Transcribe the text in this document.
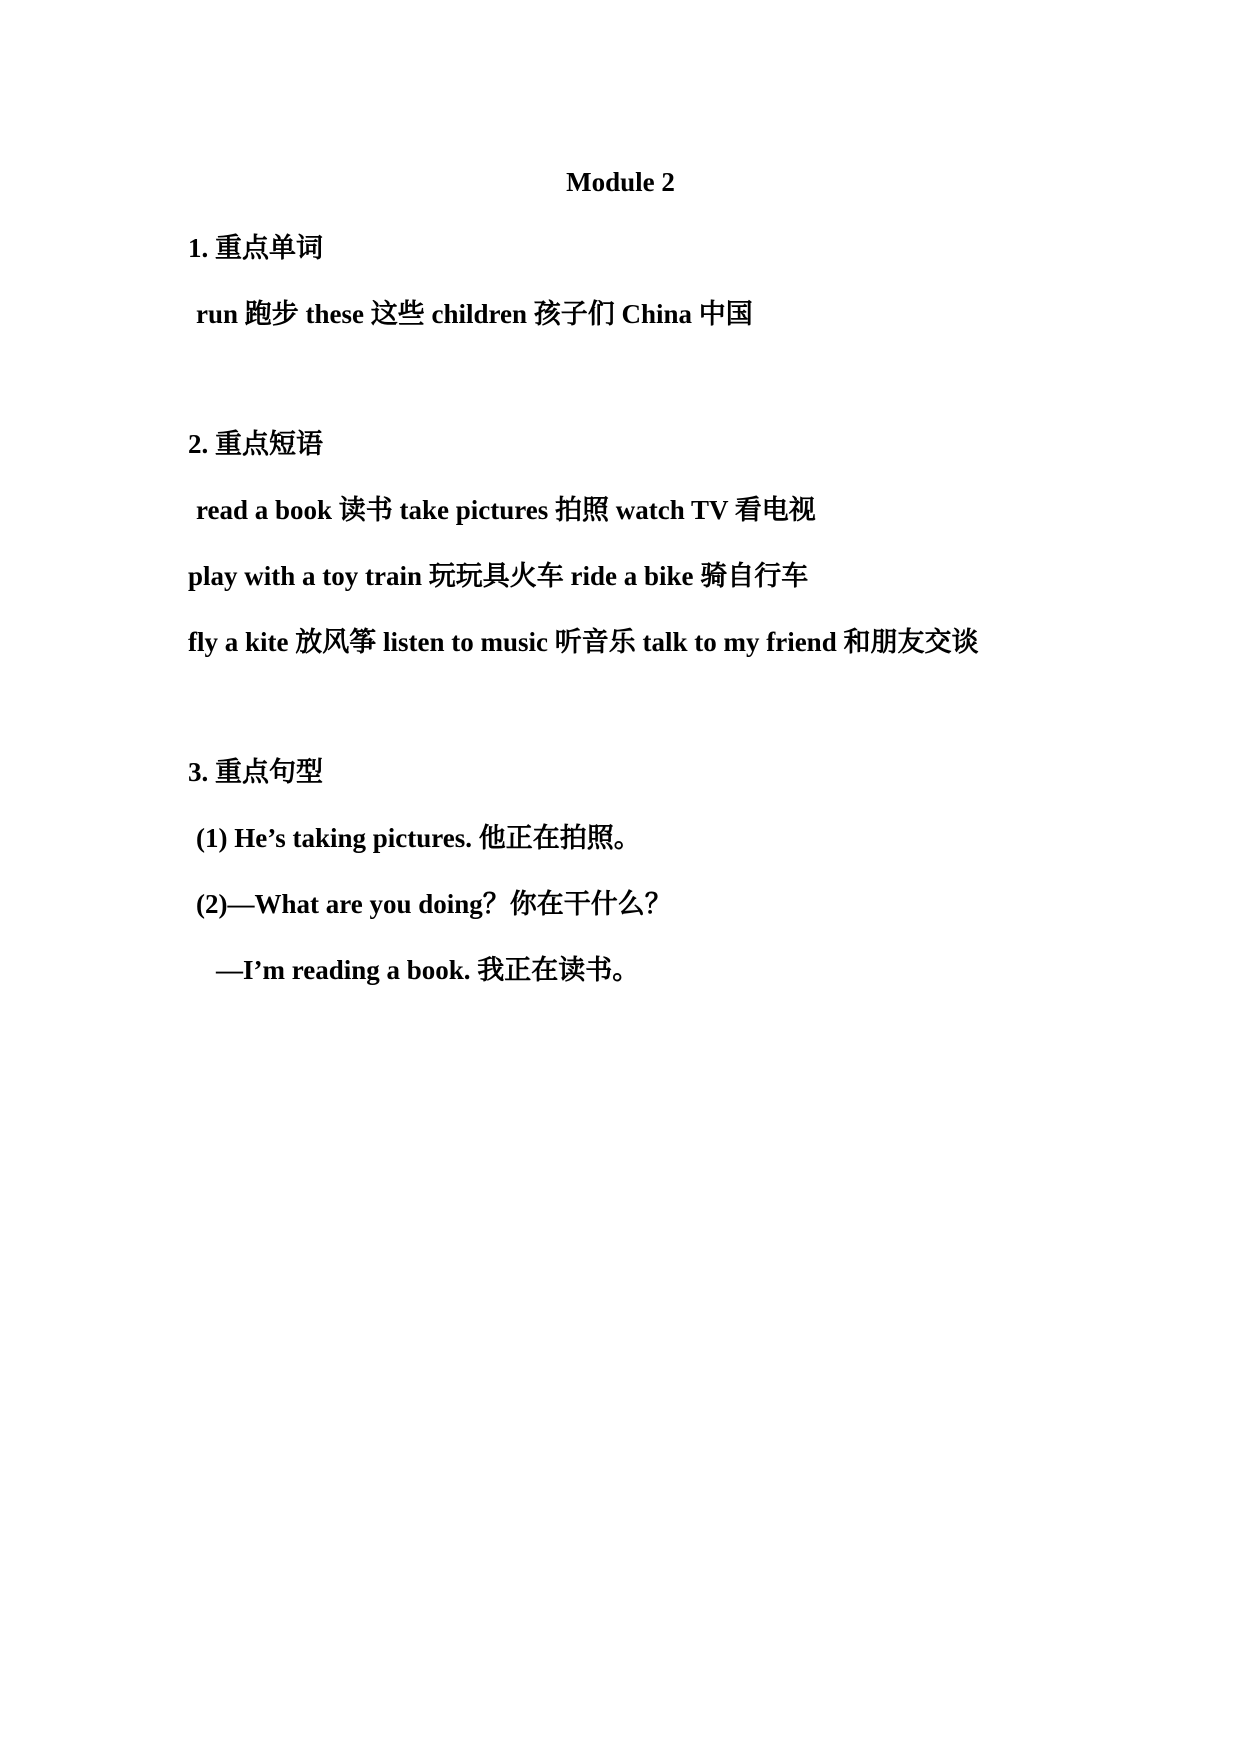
Module 2
1. 重点单词
run 跑步 these 这些 children 孩子们 China 中国
2. 重点短语
read a book 读书 take pictures 拍照 watch TV 看电视
play with a toy train 玩玩具火车 ride a bike 骑自行车
fly a kite 放风筝 listen to music 听音乐 talk to my friend 和朋友交谈
3. 重点句型
(1) He’s taking pictures. 他正在拍照。
(2)—What are you doing？你在干什么？
—I’m reading a book. 我正在读书。
